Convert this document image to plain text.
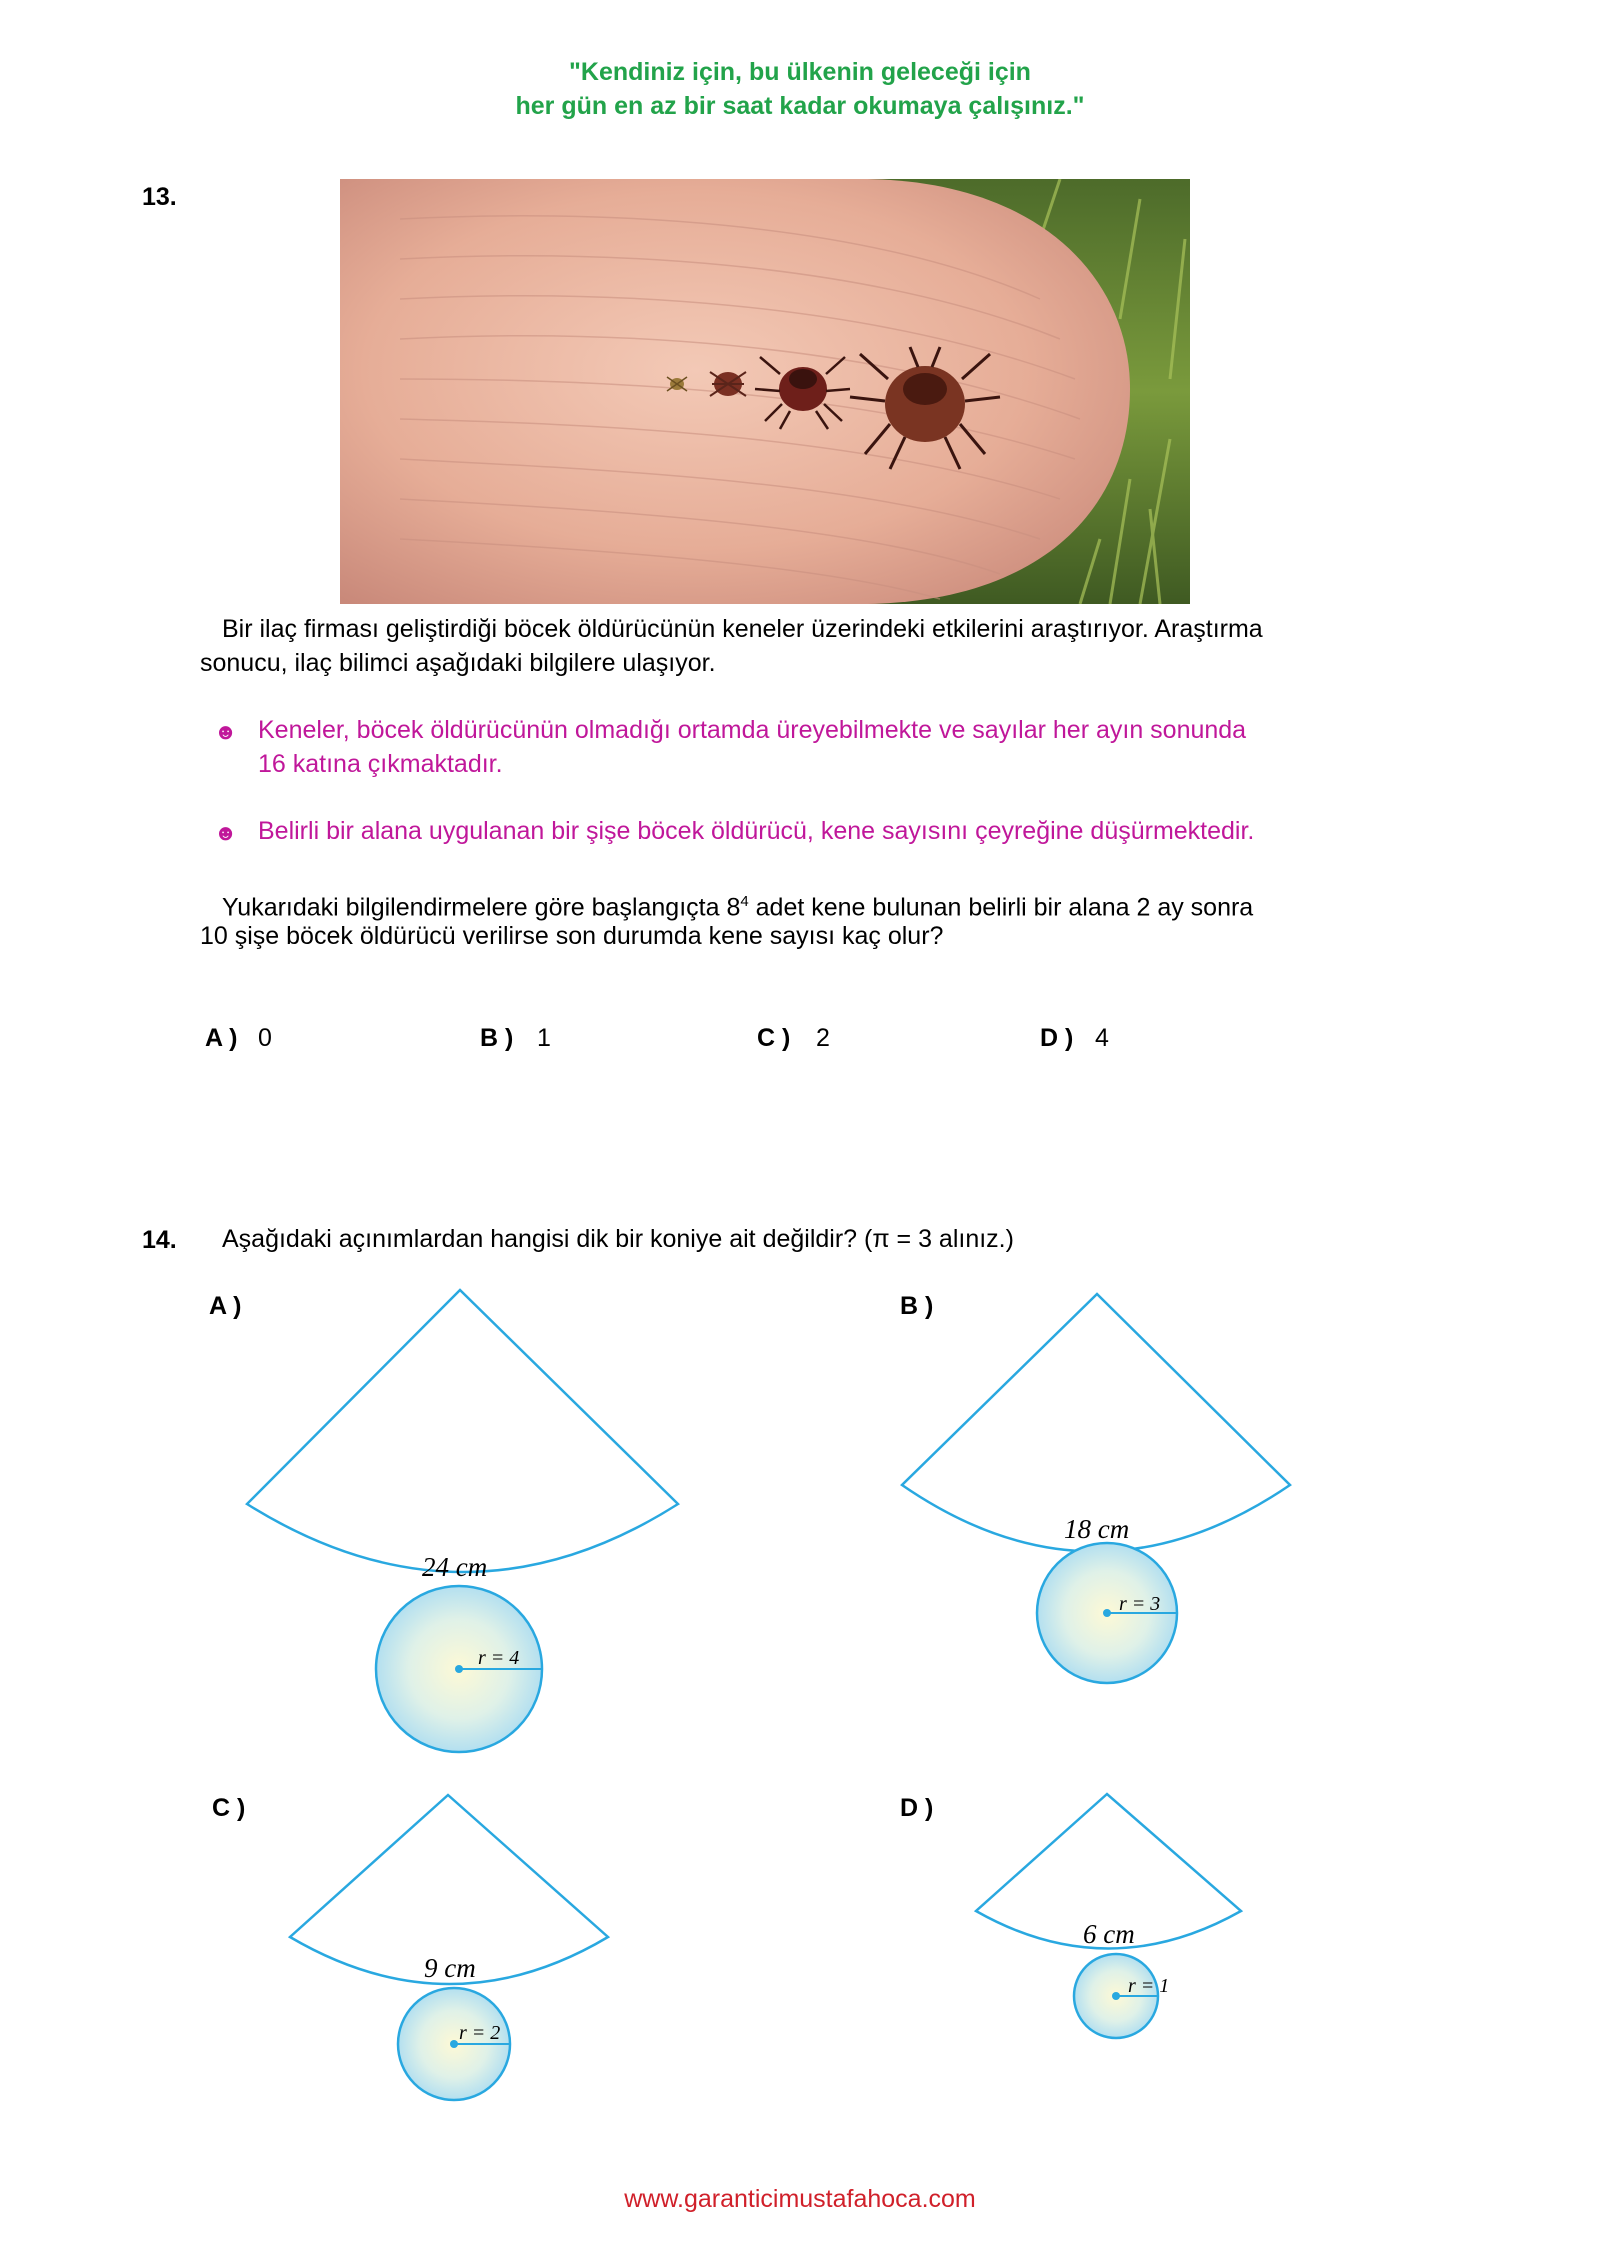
"Kendiniz için, bu ülkenin geleceği için
her gün en az bir saat kadar okumaya çalışınız."
13.
Bir ilaç firması geliştirdiği böcek öldürücünün keneler üzerindeki etkilerini araştırıyor. Araştırma
sonucu, ilaç bilimci aşağıdaki bilgilere ulaşıyor.
☻ Keneler, böcek öldürücünün olmadığı ortamda üreyebilmekte ve sayılar her ayın sonunda
16 katına çıkmaktadır.
☻ Belirli bir alana uygulanan bir şişe böcek öldürücü, kene sayısını çeyreğine düşürmektedir.
Yukarıdaki bilgilendirmelere göre başlangıçta $8^4$ adet kene bulunan belirli bir alana 2 ay sonra
10 şişe böcek öldürücü verilirse son durumda kene sayısı kaç olur?
A ) 0	B ) 1	C ) 2	D ) 4
14. Aşağıdaki açınımlardan hangisi dik bir koniye ait değildir? (π = 3 alınız.)
A )	B )
C )	D )
24 cm
r = 4
18 cm
r = 3
9 cm
r = 2
6 cm
r = 1
www.garanticimustafahoca.com
